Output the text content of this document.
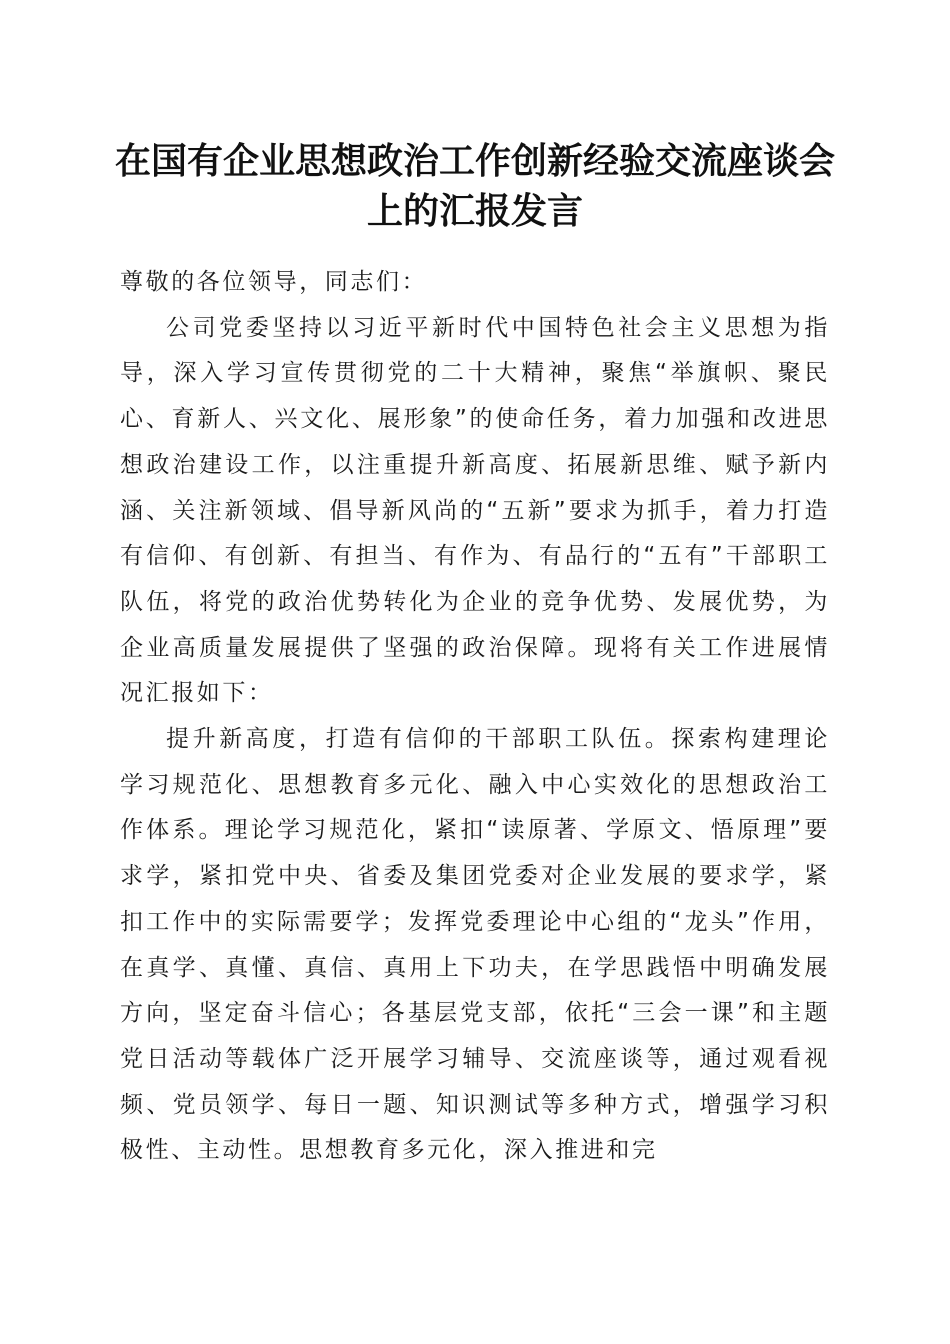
在国有企业思想政治工作创新经验交流座谈会上的汇报发言

尊敬的各位领导，同志们：

公司党委坚持以习近平新时代中国特色社会主义思想为指导，深入学习宣传贯彻党的二十大精神，聚焦“举旗帜、聚民心、育新人、兴文化、展形象”的使命任务，着力加强和改进思想政治建设工作，以注重提升新高度、拓展新思维、赋予新内涵、关注新领域、倡导新风尚的“五新”要求为抓手，着力打造有信仰、有创新、有担当、有作为、有品行的“五有”干部职工队伍，将党的政治优势转化为企业的竞争优势、发展优势，为企业高质量发展提供了坚强的政治保障。现将有关工作进展情况汇报如下：

提升新高度，打造有信仰的干部职工队伍。探索构建理论学习规范化、思想教育多元化、融入中心实效化的思想政治工作体系。理论学习规范化，紧扣“读原著、学原文、悟原理”要求学，紧扣党中央、省委及集团党委对企业发展的要求学，紧扣工作中的实际需要学；发挥党委理论中心组的“龙头”作用，在真学、真懂、真信、真用上下功夫，在学思践悟中明确发展方向，坚定奋斗信心；各基层党支部，依托“三会一课”和主题党日活动等载体广泛开展学习辅导、交流座谈等，通过观看视频、党员领学、每日一题、知识测试等多种方式，增强学习积极性、主动性。思想教育多元化，深入推进和完
